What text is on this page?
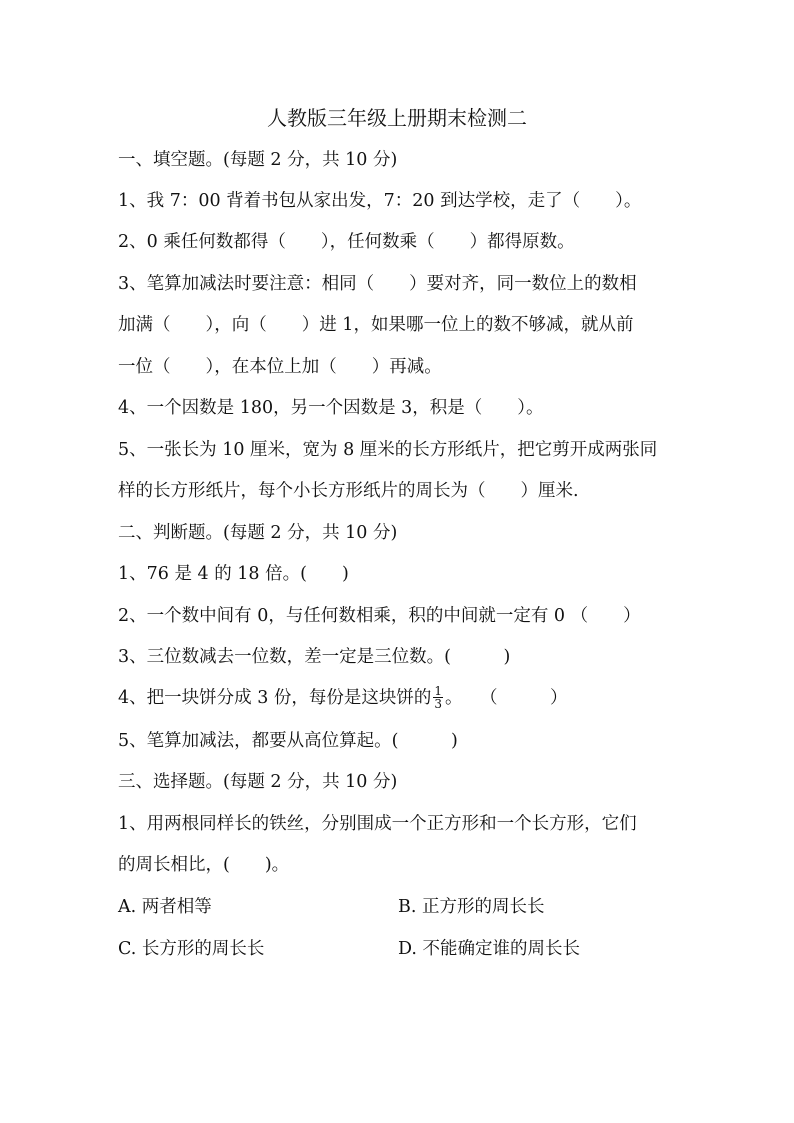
人教版三年级上册期末检测二
一、填空题。(每题 2 分，共 10 分)
1、我 7：00 背着书包从家出发，7：20 到达学校，走了（　　）。
2、0 乘任何数都得（　　），任何数乘（　　）都得原数。
3、笔算加减法时要注意：相同（　　）要对齐，同一数位上的数相
加满（　　），向（　　）进 1，如果哪一位上的数不够减，就从前
一位（　　），在本位上加（　　）再减。
4、一个因数是 180，另一个因数是 3，积是（　　）。
5、一张长为 10 厘米，宽为 8 厘米的长方形纸片，把它剪开成两张同
样的长方形纸片，每个小长方形纸片的周长为（　　）厘米.
二、判断题。(每题 2 分，共 10 分)
1、76 是 4 的 18 倍。(　　)
2、一个数中间有 0，与任何数相乘，积的中间就一定有 0 （　　）
3、三位数减去一位数，差一定是三位数。(　　　)
4、把一块饼分成 3 份，每份是这块饼的 $\frac{1}{3}$ 。　　（　　　）
5、笔算加减法，都要从高位算起。(　　　)
三、选择题。(每题 2 分，共 10 分)
1、用两根同样长的铁丝，分别围成一个正方形和一个长方形，它们
的周长相比，(　　)。
A. 两者相等	B. 正方形的周长长
C. 长方形的周长长	D. 不能确定谁的周长长
